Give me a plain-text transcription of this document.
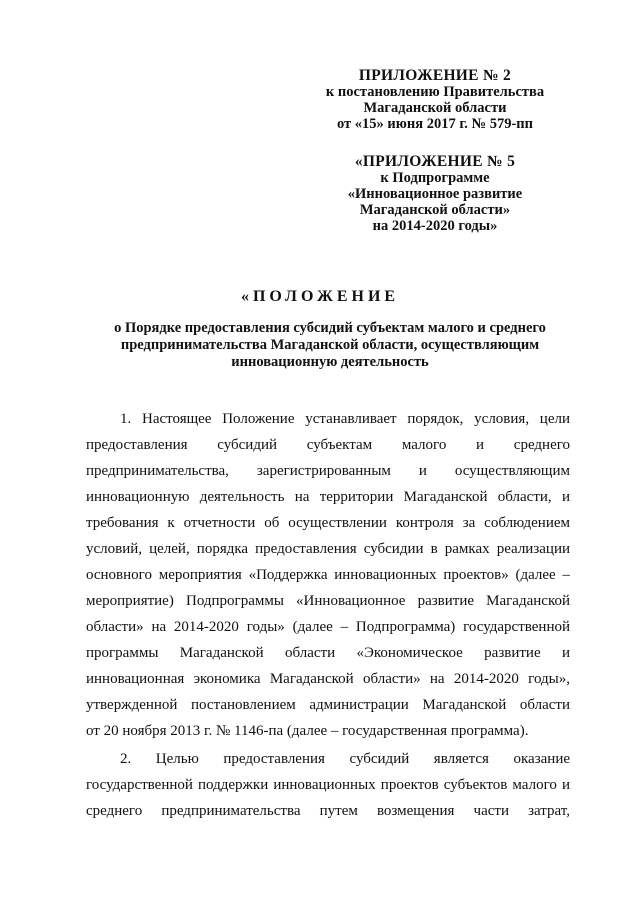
ПРИЛОЖЕНИЕ № 2
к постановлению Правительства
Магаданской области
от «15» июня 2017 г. № 579-пп
«ПРИЛОЖЕНИЕ № 5
к Подпрограмме
«Инновационное развитие
Магаданской области»
на 2014-2020 годы»
«ПОЛОЖЕНИЕ
о Порядке предоставления субсидий субъектам малого и среднего
предпринимательства Магаданской области, осуществляющим
инновационную деятельность
1. Настоящее Положение устанавливает порядок, условия, цели
предоставления субсидий субъектам малого и среднего
предпринимательства, зарегистрированным и осуществляющим
инновационную деятельность на территории Магаданской области, и
требования к отчетности об осуществлении контроля за соблюдением
условий, целей, порядка предоставления субсидии в рамках реализации
основного мероприятия «Поддержка инновационных проектов» (далее –
мероприятие) Подпрограммы «Инновационное развитие Магаданской
области» на 2014-2020 годы» (далее – Подпрограмма) государственной
программы Магаданской области «Экономическое развитие и
инновационная экономика Магаданской области» на 2014-2020 годы»,
утвержденной постановлением администрации Магаданской области
от 20 ноября 2013 г. № 1146-па (далее – государственная программа).
2. Целью предоставления субсидий является оказание
государственной поддержки инновационных проектов субъектов малого и
среднего предпринимательства путем возмещения части затрат,
